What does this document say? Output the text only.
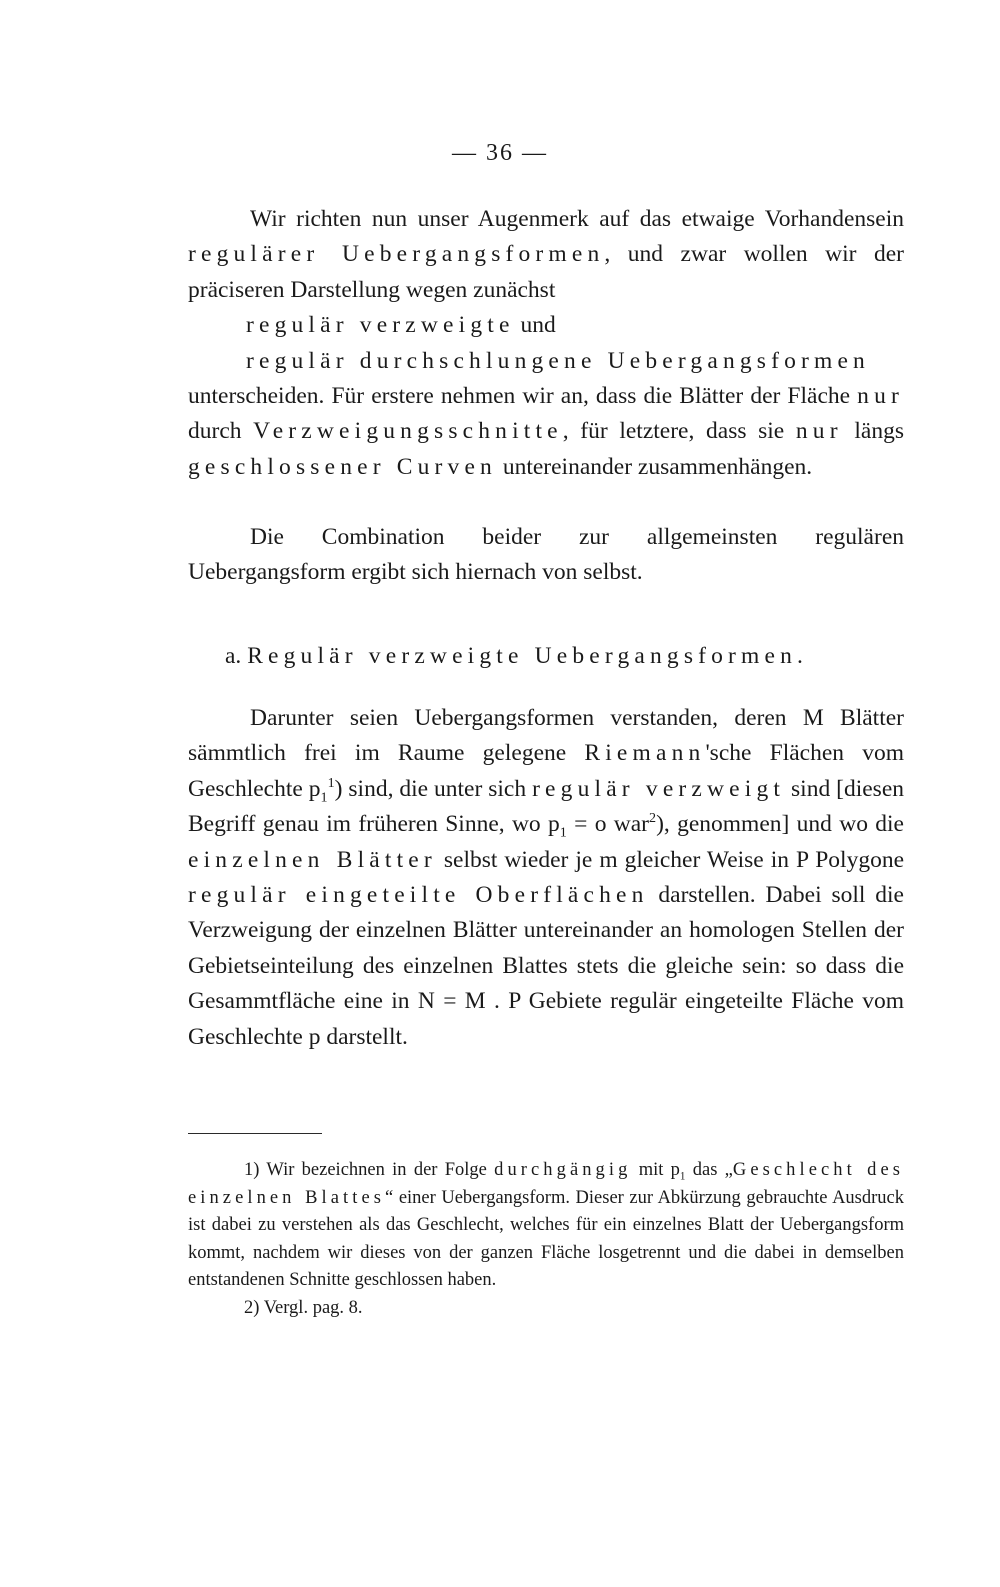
— 36 —

Wir richten nun unser Augenmerk auf das etwaige Vorhandensein regulärer Uebergangsformen, und zwar wollen wir der präciseren Darstellung wegen zunächst

regulär verzweigte und

regulär durchschlungene Uebergangsformen

unterscheiden. Für erstere nehmen wir an, dass die Blätter der Fläche nur durch Verzweigungsschnitte, für letztere, dass sie nur längs geschlossener Curven untereinander zusammenhängen.

Die Combination beider zur allgemeinsten regulären Uebergangsform ergibt sich hiernach von selbst.

a. Regulär verzweigte Uebergangsformen.

Darunter seien Uebergangsformen verstanden, deren M Blätter sämmtlich frei im Raume gelegene Riemann'sche Flächen vom Geschlechte $p_1^1$) sind, die unter sich regulär verzweigt sind [diesen Begriff genau im früheren Sinne, wo $p_1 = o$ war$^2$), genommen] und wo die einzelnen Blätter selbst wieder je m gleicher Weise in P Polygone regulär eingeteilte Oberflächen darstellen. Dabei soll die Verzweigung der einzelnen Blätter untereinander an homologen Stellen der Gebietseinteilung des einzelnen Blattes stets die gleiche sein: so dass die Gesammtfläche eine in N = M . P Gebiete regulär eingeteilte Fläche vom Geschlechte p darstellt.

1) Wir bezeichnen in der Folge durchgängig mit $p_1$ das „Geschlecht des einzelnen Blattes“ einer Uebergangsform. Dieser zur Abkürzung gebrauchte Ausdruck ist dabei zu verstehen als das Geschlecht, welches für ein einzelnes Blatt der Uebergangsform kommt, nachdem wir dieses von der ganzen Fläche losgetrennt und die dabei in demselben entstandenen Schnitte geschlossen haben.

2) Vergl. pag. 8.
